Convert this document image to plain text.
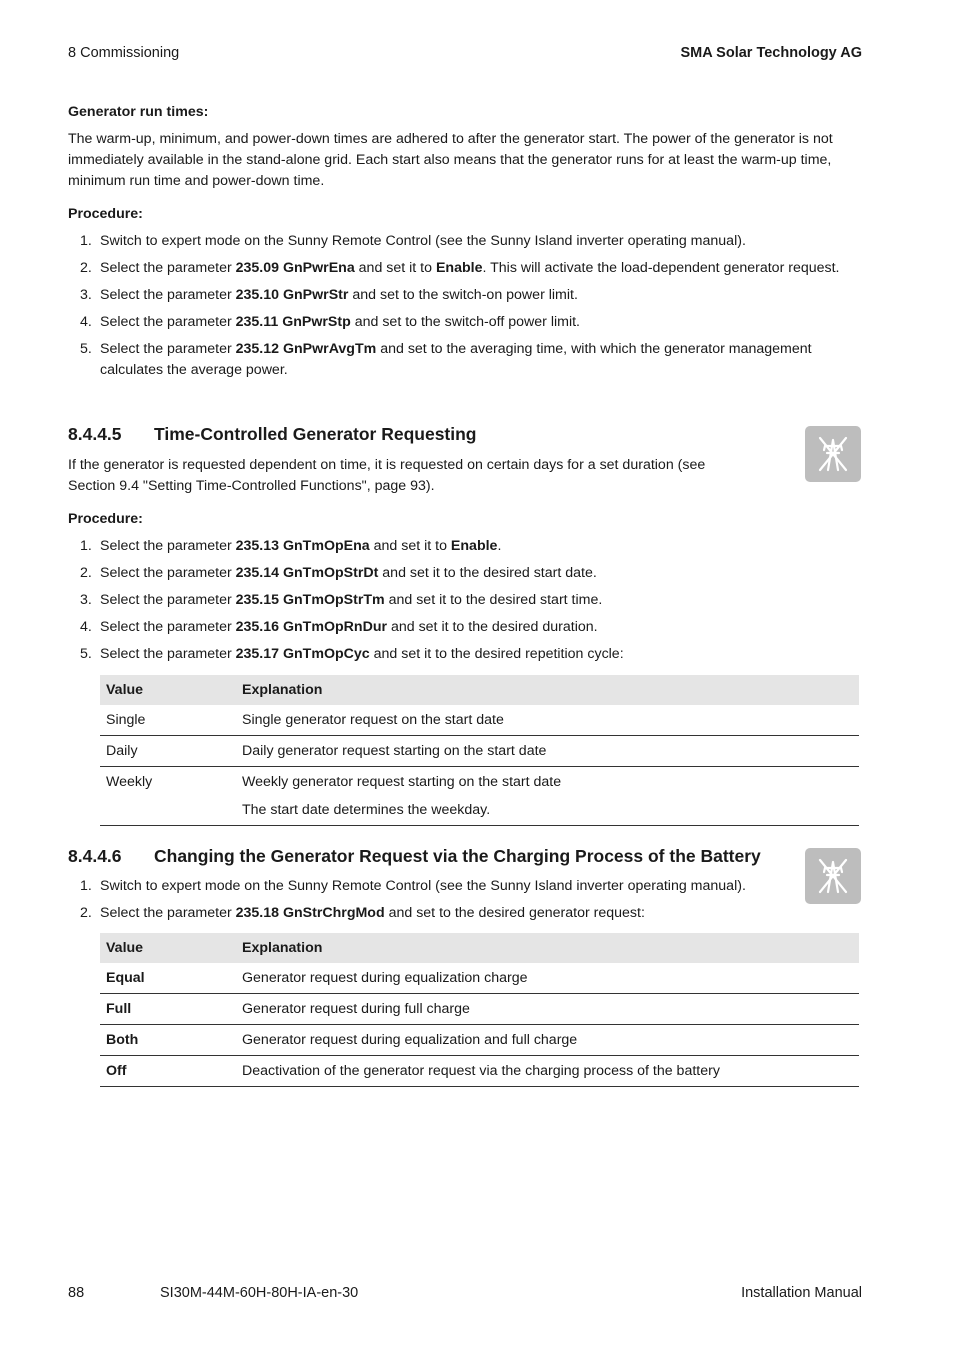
8 Commissioning	SMA Solar Technology AG
Generator run times:
The warm-up, minimum, and power-down times are adhered to after the generator start. The power of the generator is not immediately available in the stand-alone grid. Each start also means that the generator runs for at least the warm-up time, minimum run time and power-down time.
Procedure:
1. Switch to expert mode on the Sunny Remote Control (see the Sunny Island inverter operating manual).
2. Select the parameter 235.09 GnPwrEna and set it to Enable. This will activate the load-dependent generator request.
3. Select the parameter 235.10 GnPwrStr and set to the switch-on power limit.
4. Select the parameter 235.11 GnPwrStp and set to the switch-off power limit.
5. Select the parameter 235.12 GnPwrAvgTm and set to the averaging time, with which the generator management calculates the average power.
8.4.4.5 Time-Controlled Generator Requesting
If the generator is requested dependent on time, it is requested on certain days for a set duration (see Section 9.4 "Setting Time-Controlled Functions", page 93).
Procedure:
1. Select the parameter 235.13 GnTmOpEna and set it to Enable.
2. Select the parameter 235.14 GnTmOpStrDt and set it to the desired start date.
3. Select the parameter 235.15 GnTmOpStrTm and set it to the desired start time.
4. Select the parameter 235.16 GnTmOpRnDur and set it to the desired duration.
5. Select the parameter 235.17 GnTmOpCyc and set it to the desired repetition cycle:
Value	Explanation
Single	Single generator request on the start date
Daily	Daily generator request starting on the start date
Weekly	Weekly generator request starting on the start date
The start date determines the weekday.
8.4.4.6 Changing the Generator Request via the Charging Process of the Battery
1. Switch to expert mode on the Sunny Remote Control (see the Sunny Island inverter operating manual).
2. Select the parameter 235.18 GnStrChrgMod and set to the desired generator request:
Value	Explanation
Equal	Generator request during equalization charge
Full	Generator request during full charge
Both	Generator request during equalization and full charge
Off	Deactivation of the generator request via the charging process of the battery
88	SI30M-44M-60H-80H-IA-en-30	Installation Manual
